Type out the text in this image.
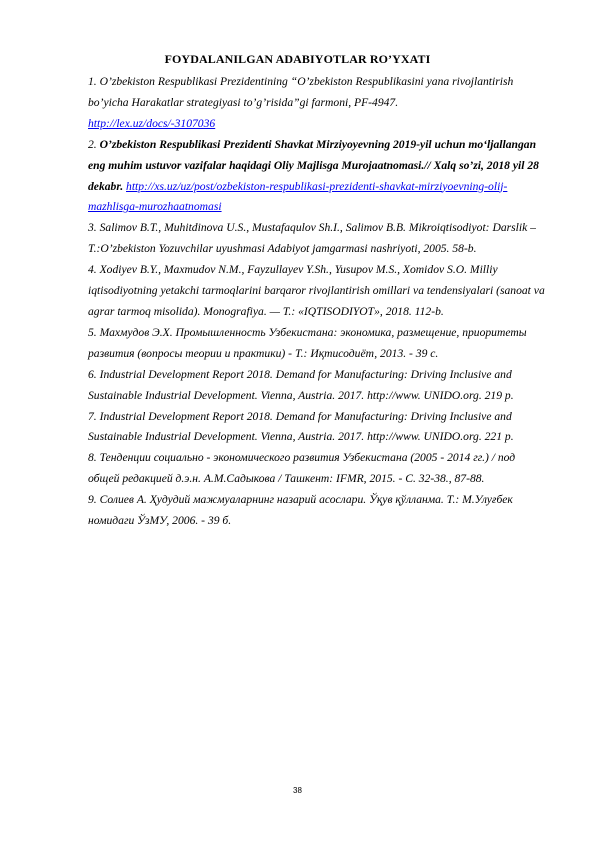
FOYDALANILGAN ADABIYOTLAR RO’YXATI

1. O’zbekiston Respublikasi Prezidentining “O’zbekiston Respublikasini yana rivojlantirish bo’yicha Harakatlar strategiyasi to’g’risida”gi farmoni, PF-4947.
http://lex.uz/docs/-3107036

2. O’zbekiston Respublikasi Prezidenti Shavkat Mirziyoyevning 2019-yil uchun mo‘ljallangan eng muhim ustuvor vazifalar haqidagi Oliy Majlisga Murojaatnomasi.// Xalq so’zi, 2018 yil 28 dekabr. http://xs.uz/uz/post/ozbekiston-respublikasi-prezidenti-shavkat-mirziyoevning-olij-mazhlisga-murozhaatnomasi

3. Salimov B.T., Muhitdinova U.S., Mustafaqulov Sh.I., Salimov B.B. Mikroiqtisodiyot: Darslik – T.:O’zbekiston Yozuvchilar uyushmasi Adabiyot jamgarmasi nashriyoti, 2005. 58-b.

4. Xodiyev B.Y., Maxmudov N.M., Fayzullayev Y.Sh., Yusupov M.S., Xomidov S.O. Milliy iqtisodiyotning yetakchi tarmoqlarini barqaror rivojlantirish omillari va tendensiyalari (sanoat va agrar tarmoq misolida). Monografiya. — T.: «IQTISODIYOT», 2018. 112-b.

5. Махмудов Э.Х. Промышленность Узбекистана: экономика, размещение, приоритеты развития (вопросы теории и практики) - Т.: Иқтисодиёт, 2013. - 39 с.

6. Industrial Development Report 2018. Demand for Manufacturing: Driving Inclusive and Sustainable Industrial Development. Vienna, Austria. 2017. http://www. UNIDO.org. 219 p.

7. Industrial Development Report 2018. Demand for Manufacturing: Driving Inclusive and Sustainable Industrial Development. Vienna, Austria. 2017. http://www. UNIDO.org. 221 p.

8. Тенденции социально - экономического развития Узбекистана (2005 - 2014 гг.) / под общей редакцией д.э.н. А.М.Садыкова / Ташкент: IFMR, 2015. - С. 32-38., 87-88.

9. Солиев А. Ҳудудий мажмуаларнинг назарий асослари. Ўқув қўлланма. Т.: М.Улуғбек номидаги ЎзМУ, 2006. - 39 б.

38
